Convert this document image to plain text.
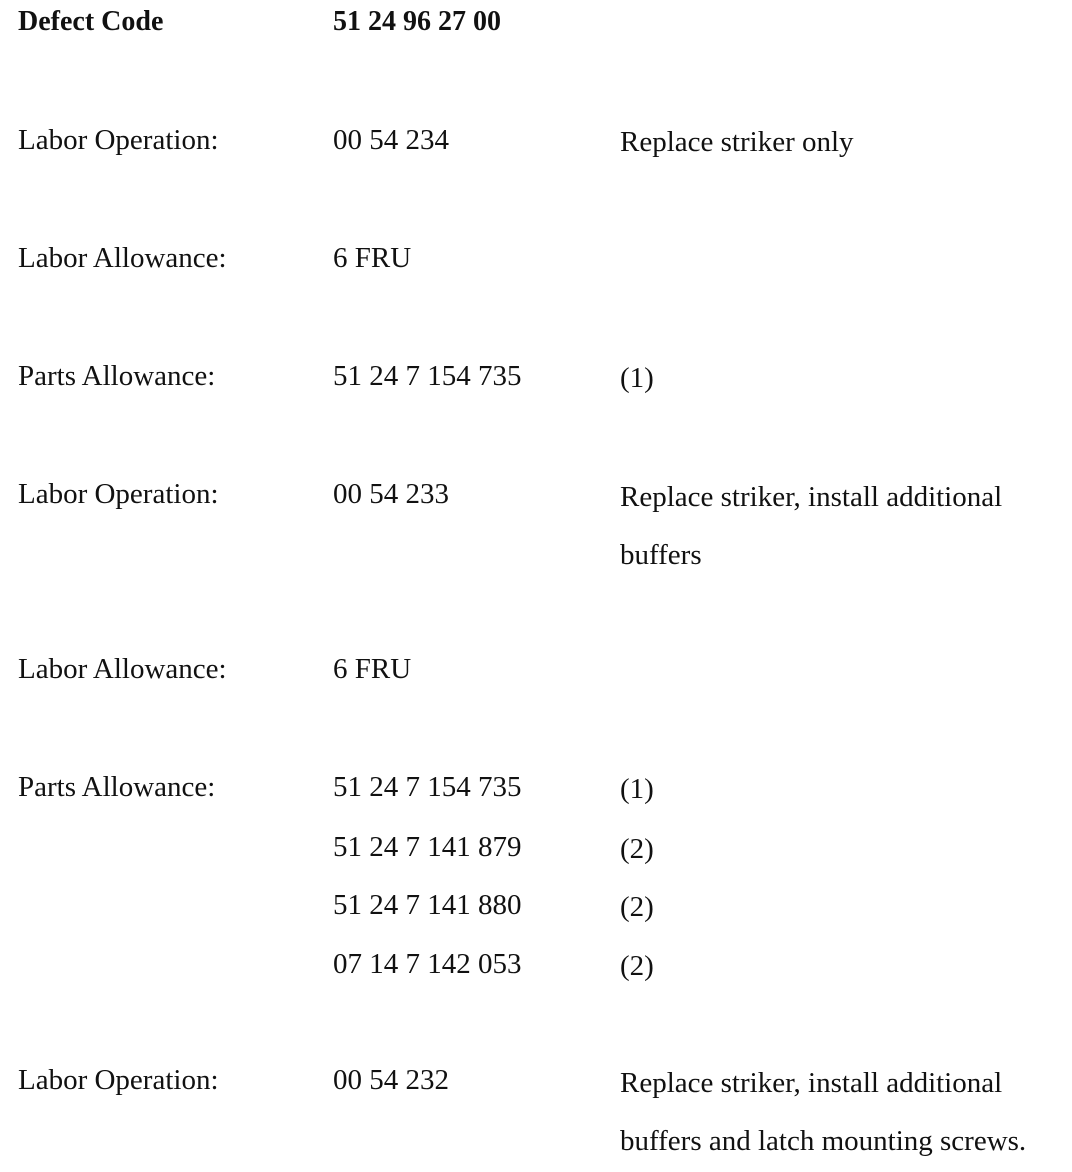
Defect Code	51 24 96 27 00
Labor Operation:	00 54 234	Replace striker only
Labor Allowance:	6 FRU
Parts Allowance:	51 24 7 154 735	(1)
Labor Operation:	00 54 233	Replace striker, install additional
buffers
Labor Allowance:	6 FRU
Parts Allowance:	51 24 7 154 735	(1)
51 24 7 141 879	(2)
51 24 7 141 880	(2)
07 14 7 142 053	(2)
Labor Operation:	00 54 232	Replace striker, install additional
buffers and latch mounting screws.
